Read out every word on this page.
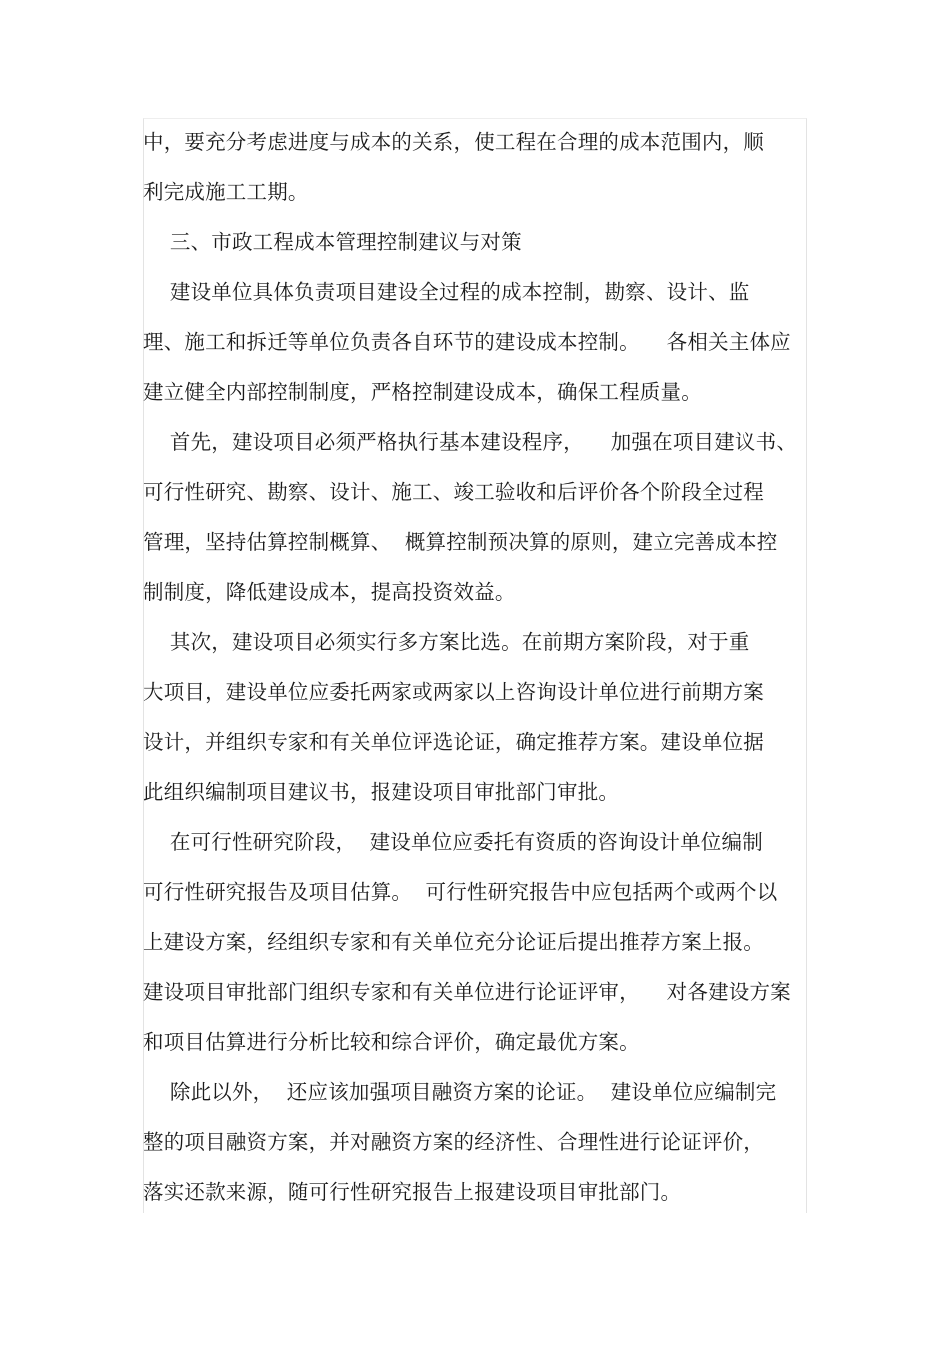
中，要充分考虑进度与成本的关系，使工程在合理的成本范围内，顺
利完成施工工期。
三、市政工程成本管理控制建议与对策
建设单位具体负责项目建设全过程的成本控制，勘察、设计、监
理、施工和拆迁等单位负责各自环节的建设成本控制。    各相关主体应
建立健全内部控制制度，严格控制建设成本，确保工程质量。
首先，建设项目必须严格执行基本建设程序，    加强在项目建议书、
可行性研究、勘察、设计、施工、竣工验收和后评价各个阶段全过程
管理，坚持估算控制概算、  概算控制预决算的原则，建立完善成本控
制制度，降低建设成本，提高投资效益。
其次，建设项目必须实行多方案比选。在前期方案阶段，对于重
大项目，建设单位应委托两家或两家以上咨询设计单位进行前期方案
设计，并组织专家和有关单位评选论证，确定推荐方案。建设单位据
此组织编制项目建议书，报建设项目审批部门审批。
在可行性研究阶段，  建设单位应委托有资质的咨询设计单位编制
可行性研究报告及项目估算。  可行性研究报告中应包括两个或两个以
上建设方案，经组织专家和有关单位充分论证后提出推荐方案上报。
建设项目审批部门组织专家和有关单位进行论证评审，    对各建设方案
和项目估算进行分析比较和综合评价，确定最优方案。
除此以外，  还应该加强项目融资方案的论证。  建设单位应编制完
整的项目融资方案，并对融资方案的经济性、合理性进行论证评价，
落实还款来源，随可行性研究报告上报建设项目审批部门。
